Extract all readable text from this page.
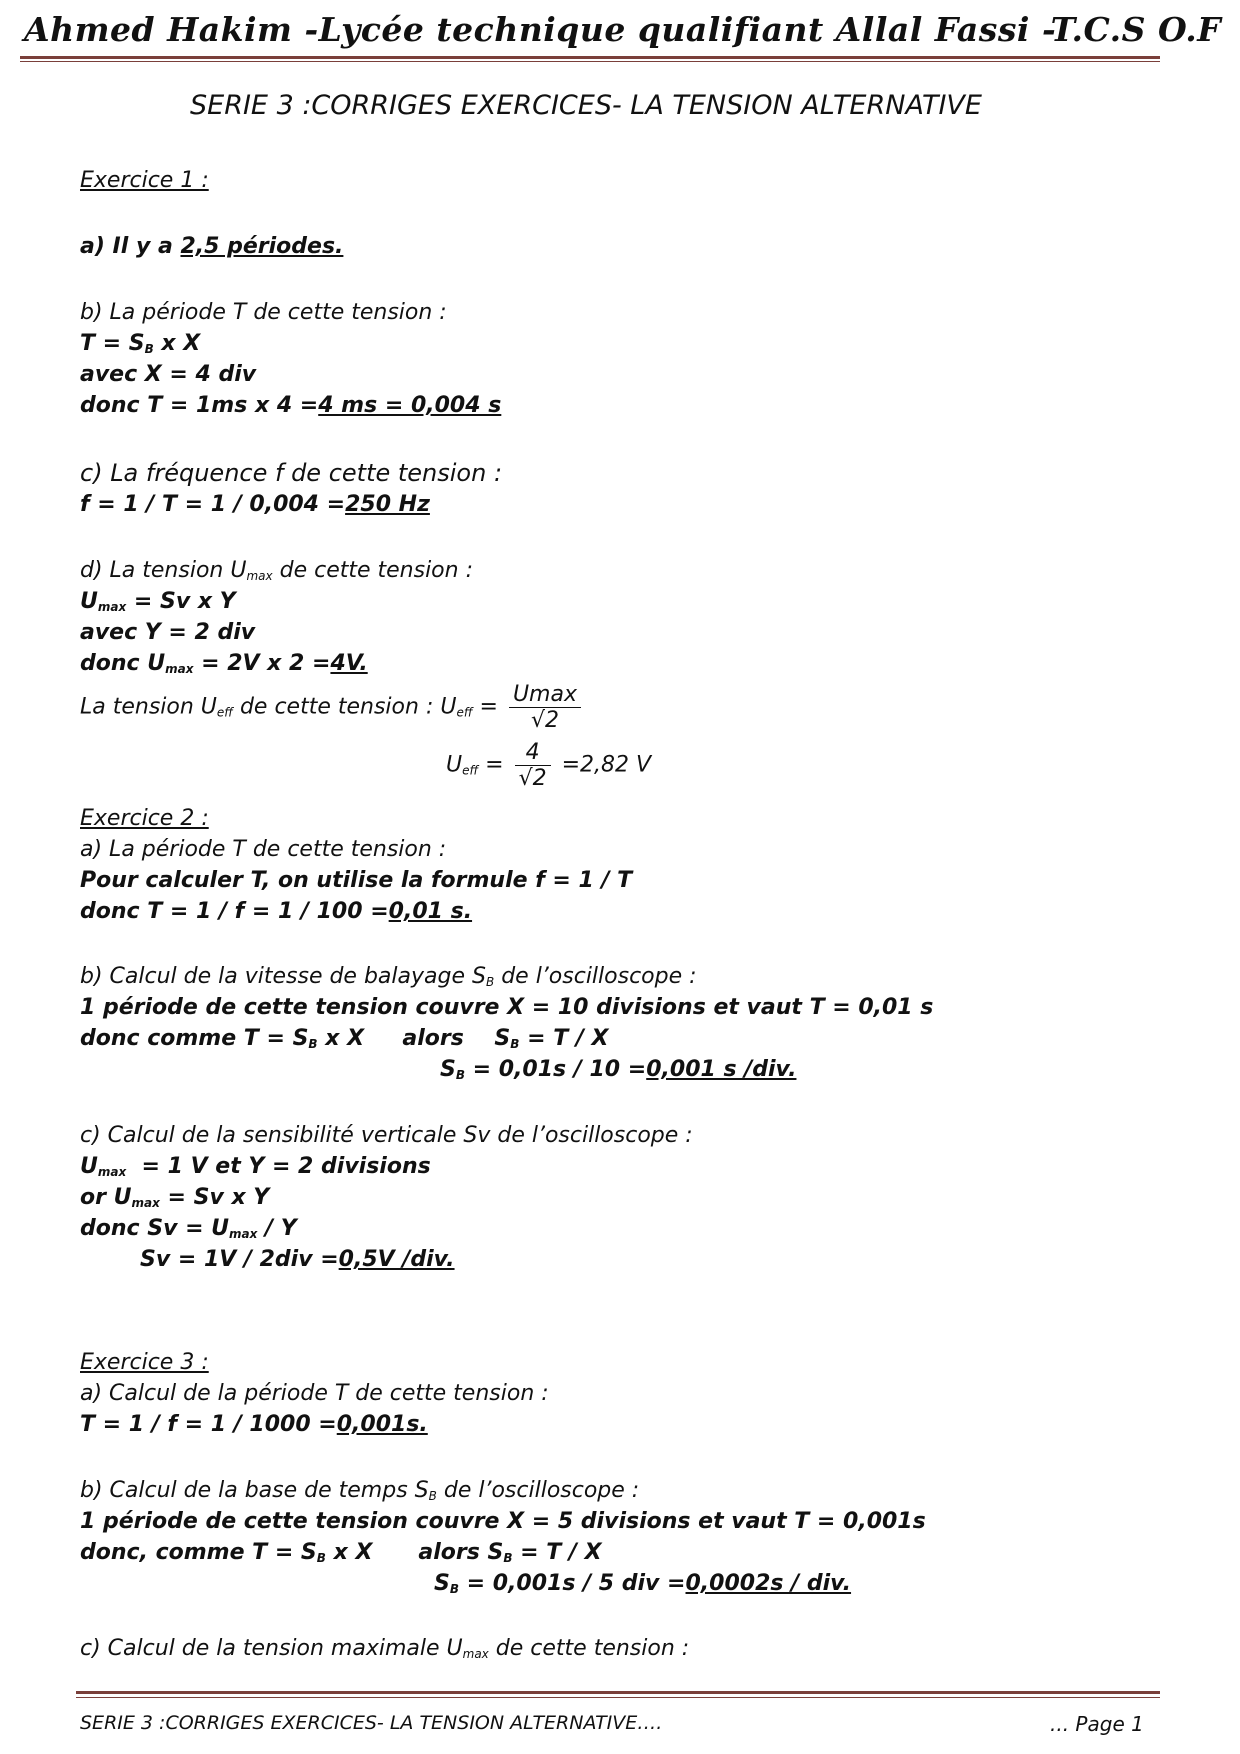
Ahmed Hakim -Lycée technique qualifiant Allal Fassi -T.C.S O.F
SERIE 3 :CORRIGES EXERCICES- LA TENSION ALTERNATIVE
Exercice 1 :
a) Il y a 2,5 périodes.
b) La période T de cette tension :
$T = S_B$ x X
avec X = 4 div
donc T = 1ms x 4 =4 ms = 0,004 s
c) La fréquence f de cette tension :
f = 1 / T = 1 / 0,004 =250 Hz
d) La tension $U_{max}$ de cette tension :
$U_{max} = Sv$ x Y
avec Y = 2 div
donc $U_{max} = 2V$ x 2 =4V.
La tension $U_{eff}$ de cette tension : $U_{eff} = \frac{Umax}{√2}$
$U_{eff} = \frac{4}{√2} =2,82$ V
Exercice 2 :
a) La période T de cette tension :
Pour calculer T, on utilise la formule f = 1 / T
donc T = 1 / f = 1 / 100 =0,01 s.
b) Calcul de la vitesse de balayage $S_B$ de l’oscilloscope :
1 période de cette tension couvre X = 10 divisions et vaut T = 0,01 s
donc comme $T = S_B$ x X     alors    $S_B = T / X$
$S_B = 0,01s / 10 =0,001$ s /div.
c) Calcul de la sensibilité verticale Sv de l’oscilloscope :
$U_{max} = 1$ V et Y = 2 divisions
or $U_{max} = Sv$ x Y
donc $Sv = U_{max} / Y$
Sv = 1V / 2div =0,5V /div.
Exercice 3 :
a) Calcul de la période T de cette tension :
T = 1 / f = 1 / 1000 =0,001s.
b) Calcul de la base de temps $S_B$ de l’oscilloscope :
1 période de cette tension couvre X = 5 divisions et vaut T = 0,001s
donc, comme $T = S_B$ x X      alors $S_B = T / X$
$S_B = 0,001s / 5$ div =0,0002s / div.
c) Calcul de la tension maximale $U_{max}$ de cette tension :
SERIE 3 :CORRIGES EXERCICES- LA TENSION ALTERNATIVE….	... Page 1
